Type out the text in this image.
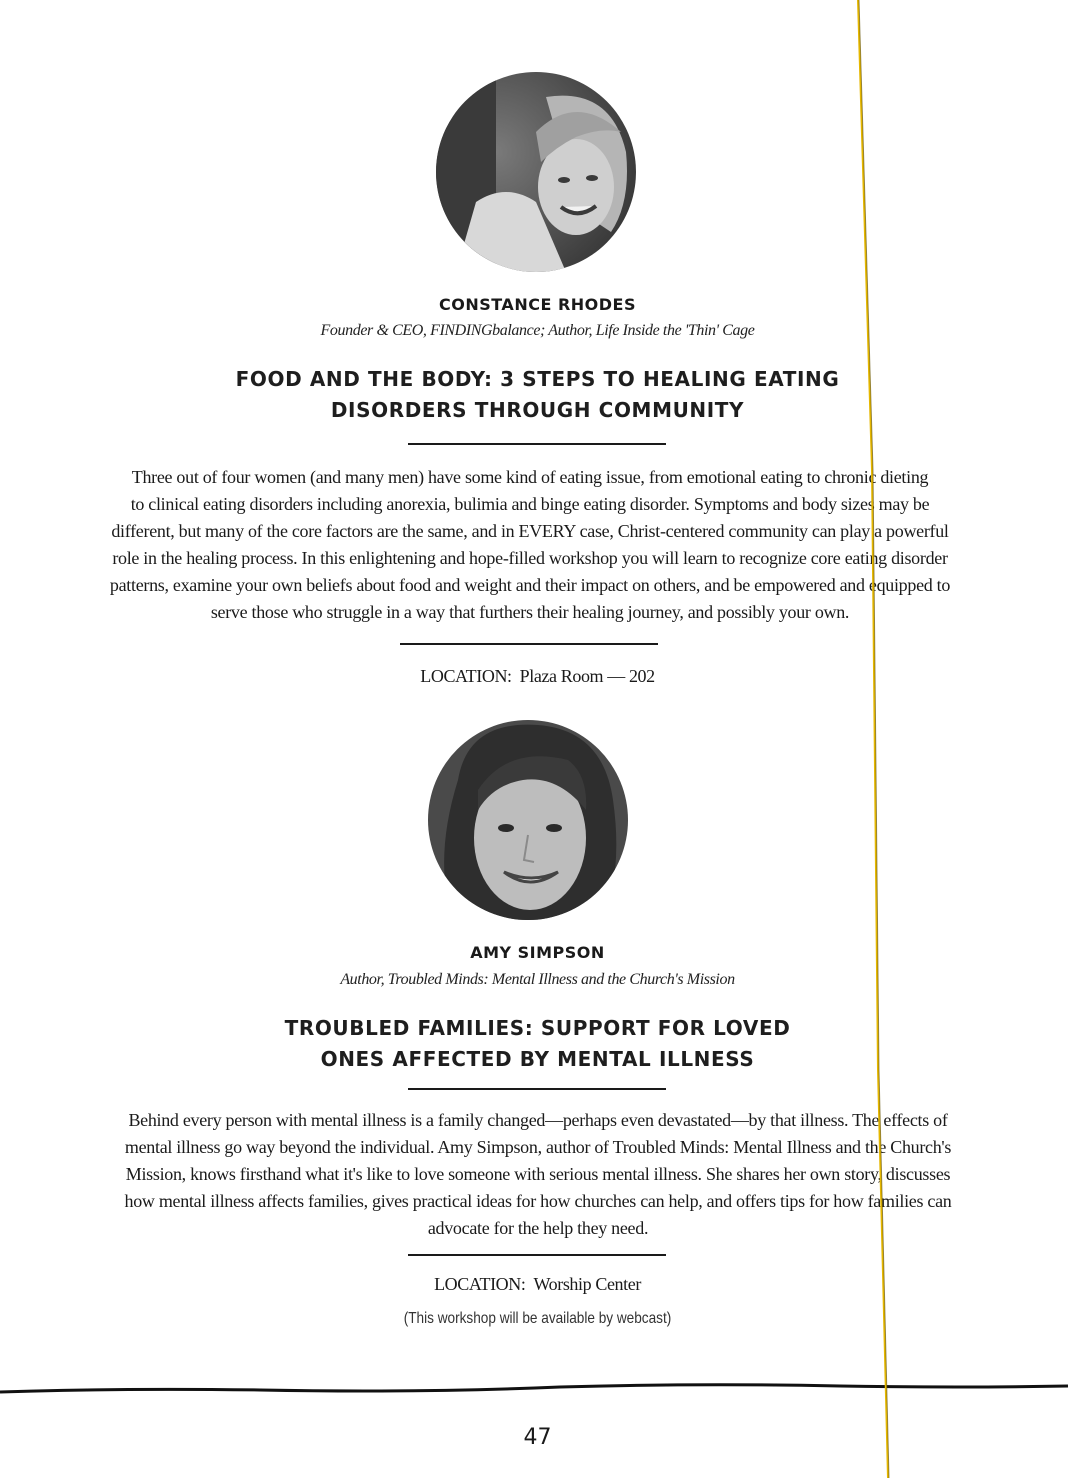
CONSTANCE RHODES
Founder & CEO, FINDINGbalance; Author, Life Inside the 'Thin' Cage
FOOD AND THE BODY: 3 STEPS TO HEALING EATING
DISORDERS THROUGH COMMUNITY
Three out of four women (and many men) have some kind of eating issue, from emotional eating to chronic dieting
to clinical eating disorders including anorexia, bulimia and binge eating disorder. Symptoms and body sizes may be
different, but many of the core factors are the same, and in EVERY case, Christ-centered community can play a powerful
role in the healing process. In this enlightening and hope-filled workshop you will learn to recognize core eating disorder
patterns, examine your own beliefs about food and weight and their impact on others, and be empowered and equipped to
serve those who struggle in a way that furthers their healing journey, and possibly your own.
LOCATION: Plaza Room — 202
AMY SIMPSON
Author, Troubled Minds: Mental Illness and the Church's Mission
TROUBLED FAMILIES: SUPPORT FOR LOVED
ONES AFFECTED BY MENTAL ILLNESS
Behind every person with mental illness is a family changed—perhaps even devastated—by that illness. The effects of
mental illness go way beyond the individual. Amy Simpson, author of Troubled Minds: Mental Illness and the Church's
Mission, knows firsthand what it's like to love someone with serious mental illness. She shares her own story, discusses
how mental illness affects families, gives practical ideas for how churches can help, and offers tips for how families can
advocate for the help they need.
LOCATION: Worship Center
(This workshop will be available by webcast)
47
